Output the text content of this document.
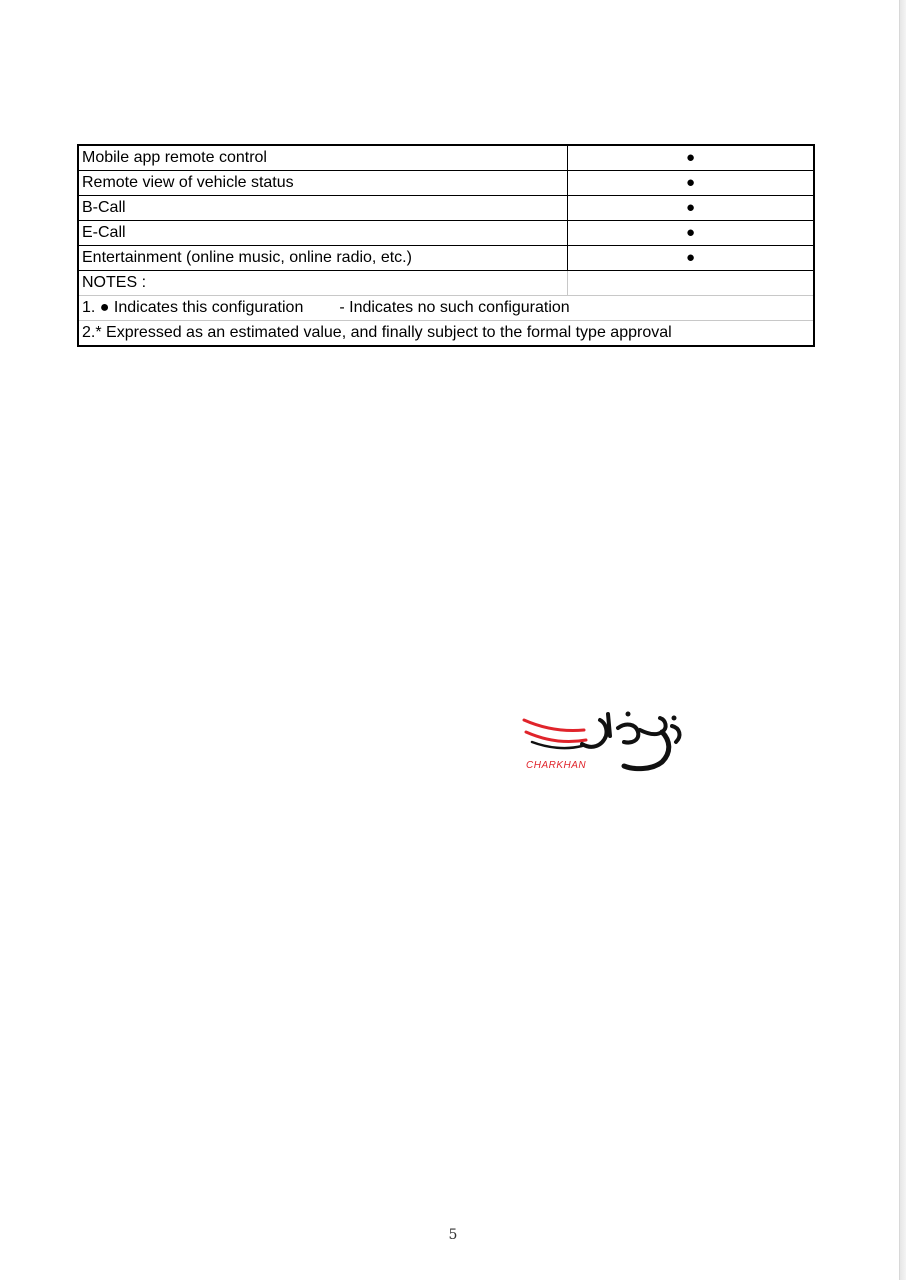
Mobile app remote control	●
Remote view of vehicle status	●
B-Call	●
E-Call	●
Entertainment (online music, online radio, etc.)	●
NOTES :	
1. ● Indicates this configuration - Indicates no such configuration	
2.* Expressed as an estimated value, and finally subject to the formal type approval	
CHARKHAN
5
